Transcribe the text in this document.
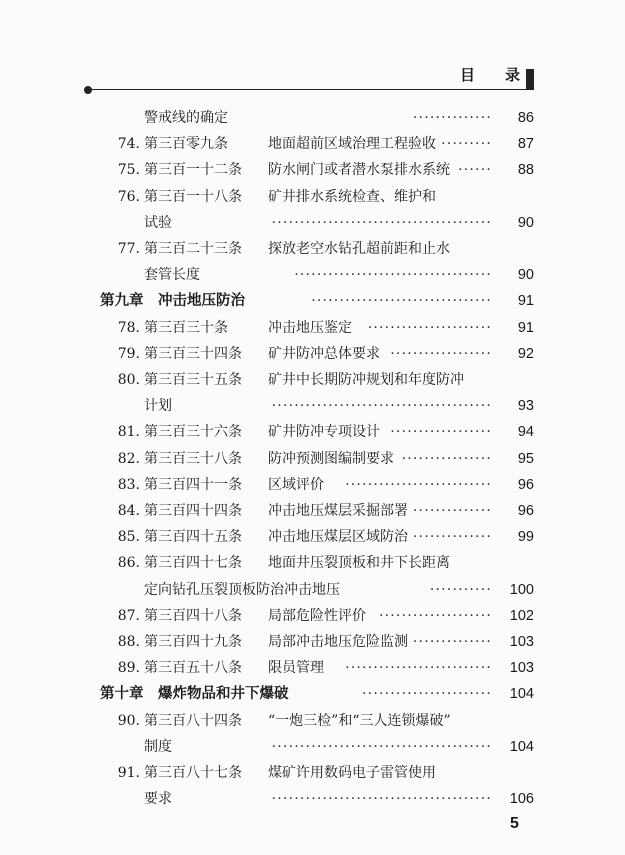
目　　录
警戒线的确定	··············	86
74. 第三百零九条	地面超前区域治理工程验收 ·········	87
75. 第三百一十二条 防水闸门或者潜水泵排水系统 ······	88
76. 第三百一十八条 矿井排水系统检查、维护和
试验	·······································	90
77. 第三百二十三条 探放老空水钻孔超前距和止水
套管长度	···································	90
第九章　冲击地压防治	································	91
78. 第三百三十条	冲击地压鉴定 ······················	91
79. 第三百三十四条 矿井防冲总体要求 ··················	92
80. 第三百三十五条 矿井中长期防冲规划和年度防冲
计划	·······································	93
81. 第三百三十六条 矿井防冲专项设计 ··················	94
82. 第三百三十八条 防冲预测图编制要求 ················	95
83. 第三百四十一条 区域评价 ··························	96
84. 第三百四十四条 冲击地压煤层采掘部署 ··············	96
85. 第三百四十五条 冲击地压煤层区域防治 ··············	99
86. 第三百四十七条 地面井压裂顶板和井下长距离
定向钻孔压裂顶板防治冲击地压	···········	100
87. 第三百四十八条 局部危险性评价 ····················	102
88. 第三百四十九条 局部冲击地压危险监测 ··············	103
89. 第三百五十八条 限员管理 ··························	103
第十章　爆炸物品和井下爆破	·······················	104
90. 第三百八十四条 “一炮三检”和“三人连锁爆破”
制度	·······································	104
91. 第三百八十七条 煤矿许用数码电子雷管使用
要求	·······································	106
5
